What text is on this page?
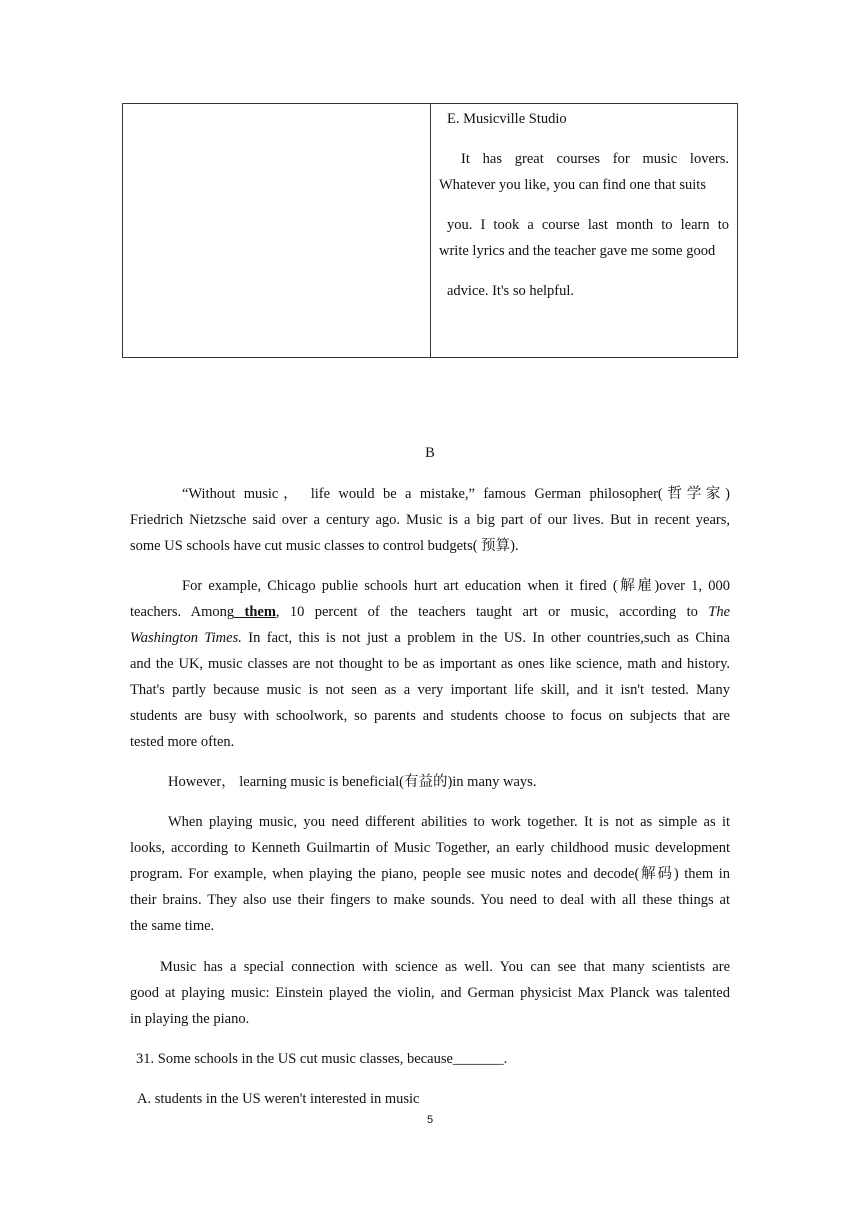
E. Musicville Studio
It has great courses for music lovers.
Whatever you like, you can find one that suits
you. I took a course last month to learn to
write lyrics and the teacher gave me some good
advice. It's so helpful.
B
“Without music， life would be a mistake,” famous German philosopher(哲学家)
Friedrich Nietzsche said over a century ago. Music is a big part of our lives. But in recent years,
some US schools have cut music classes to control budgets( 预算).
For example, Chicago publie schools hurt art education when it fired (解雇)over 1, 000
teachers. Among them, 10 percent of the teachers taught art or music, according to The
Washington Times. In fact, this is not just a problem in the US. In other countries,such as China
and the UK, music classes are not thought to be as important as ones like science, math and history.
That's partly because music is not seen as a very important life skill, and it isn't tested. Many
students are busy with schoolwork, so parents and students choose to focus on subjects that are
tested more often.
However， learning music is beneficial(有益的)in many ways.
When playing music, you need different abilities to work together. It is not as simple as it
looks, according to Kenneth Guilmartin of Music Together, an early childhood music development
program. For example, when playing the piano, people see music notes and decode(解码) them in
their brains. They also use their fingers to make sounds. You need to deal with all these things at
the same time.
Music has a special connection with science as well. You can see that many scientists are
good at playing music: Einstein played the violin, and German physicist Max Planck was talented
in playing the piano.
31. Some schools in the US cut music classes, because_______.
A. students in the US weren't interested in music
5
